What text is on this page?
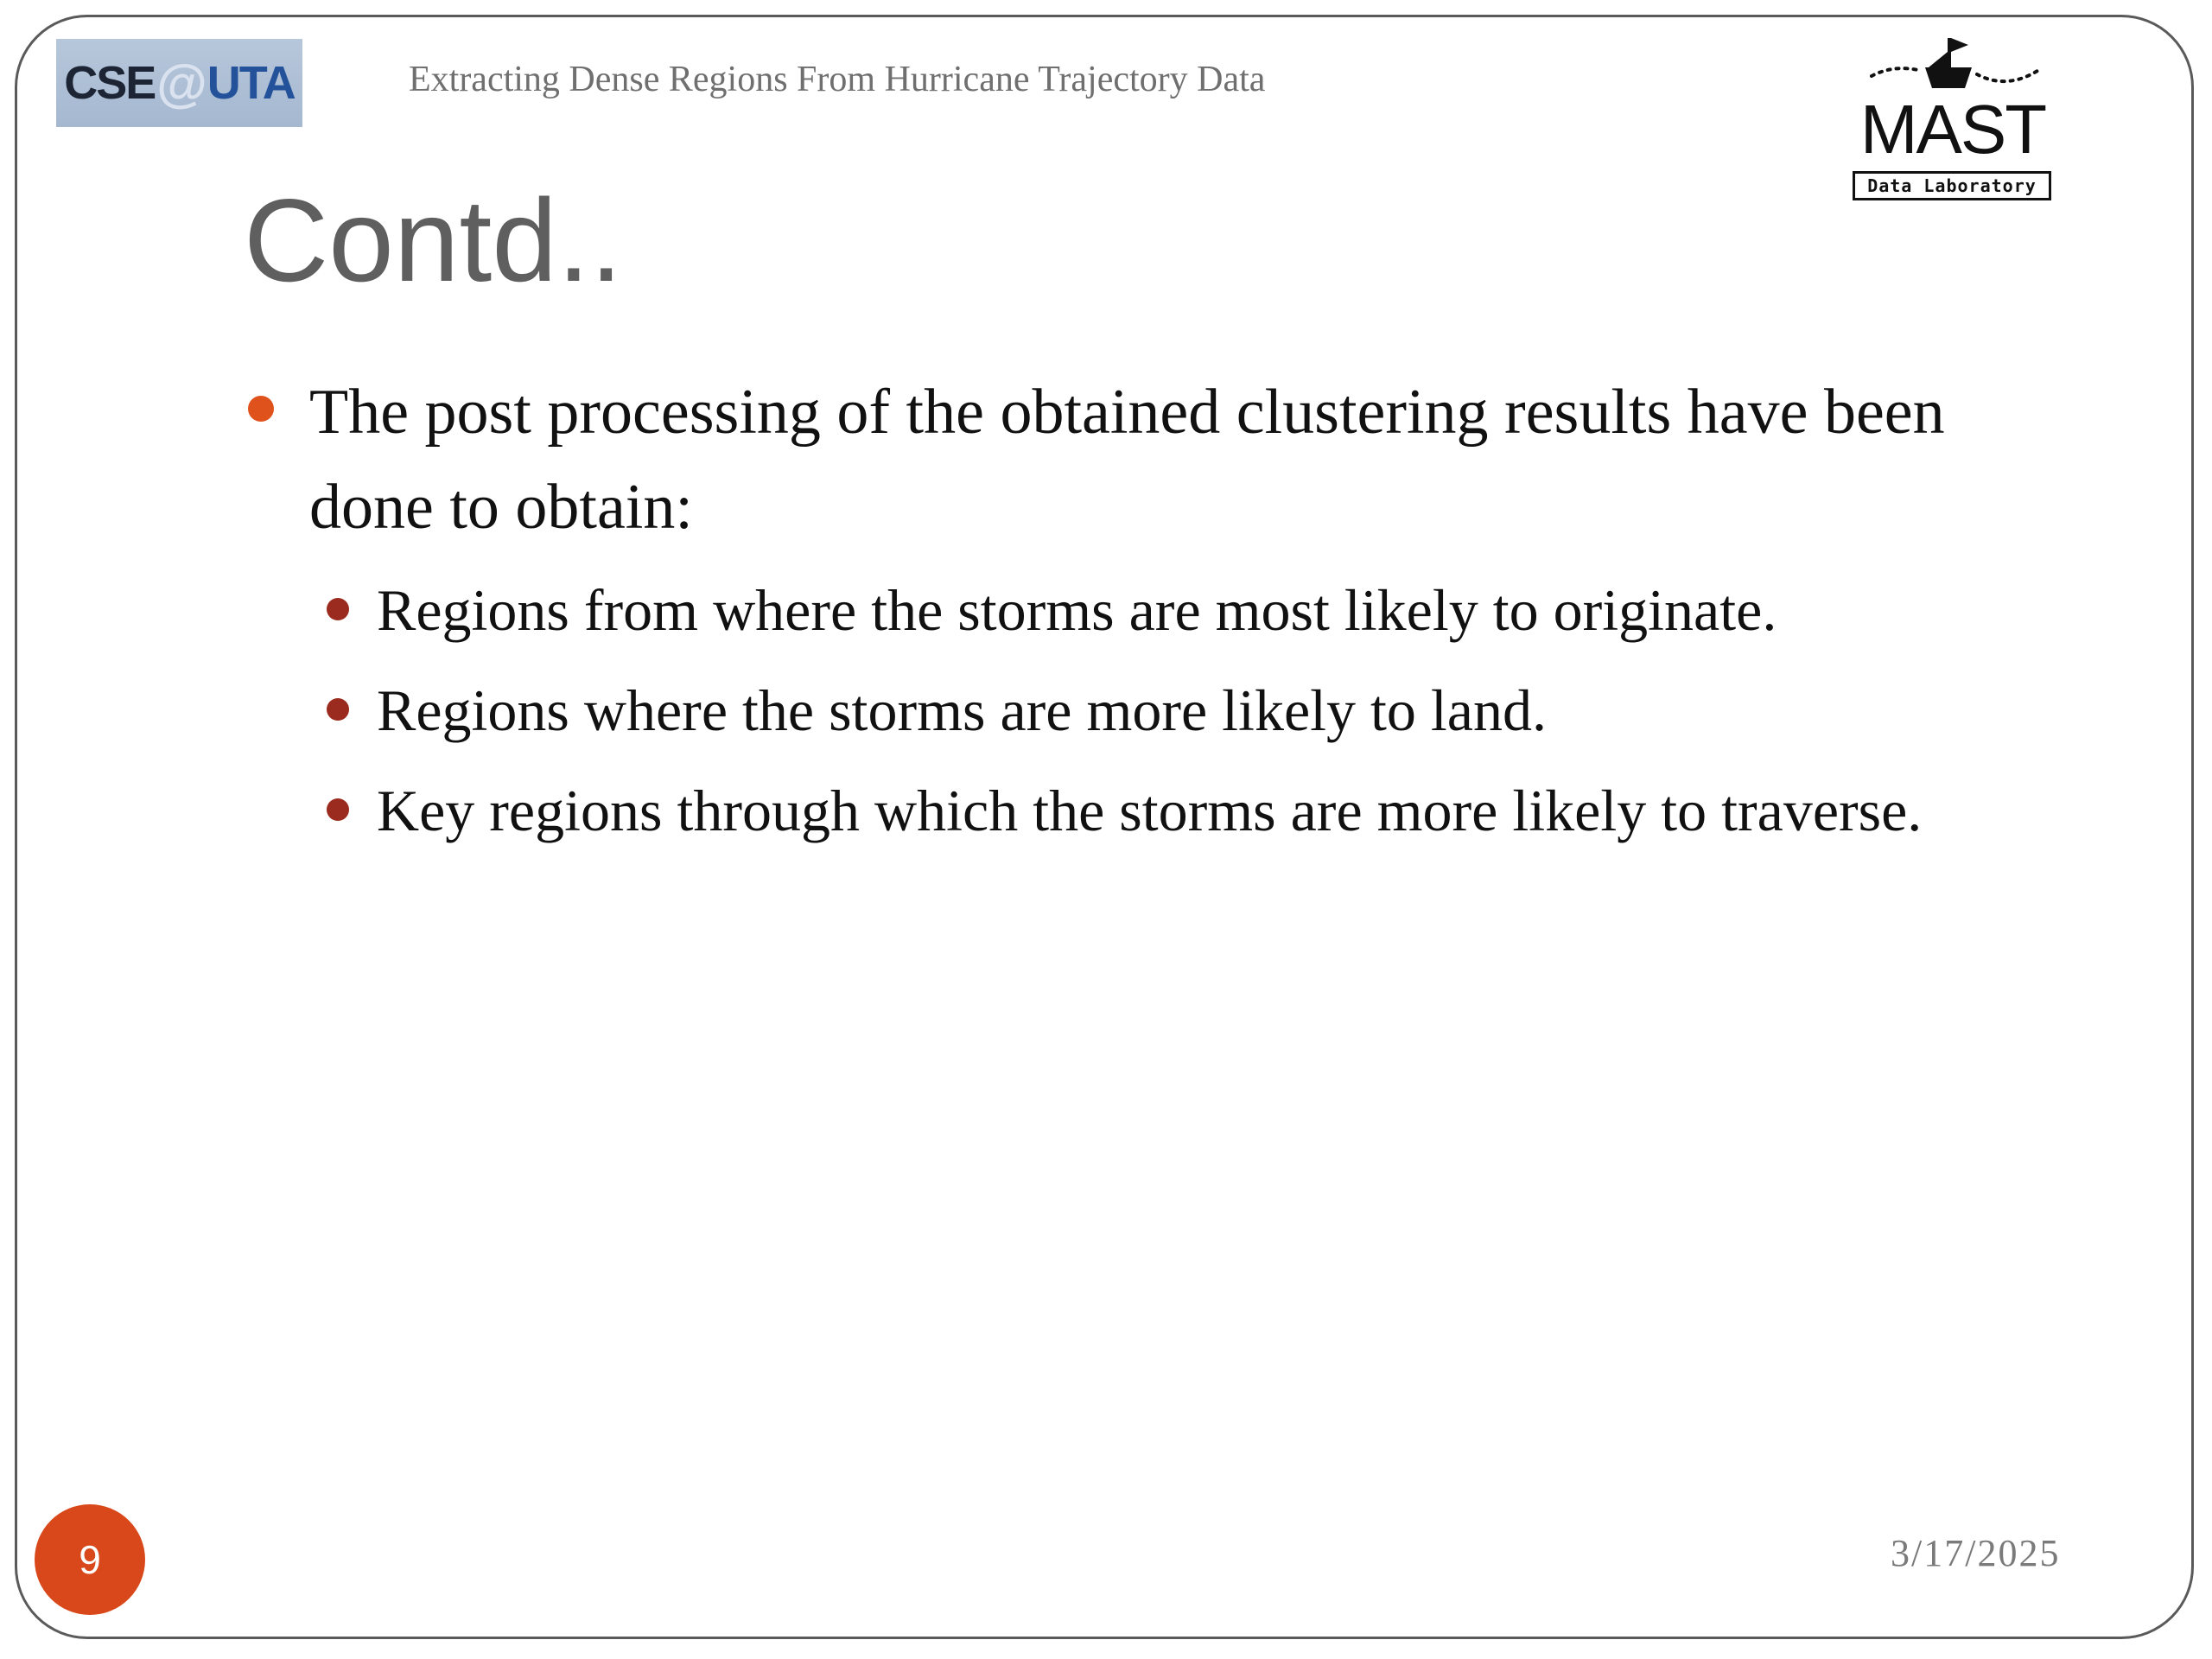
CSE @ UTA	Extracting Dense Regions From Hurricane Trajectory Data
MAST
Data Laboratory
Contd..
The post processing of the obtained clustering results have been done to obtain:
Regions from where the storms are most likely to originate.
Regions where the storms are more likely to land.
Key regions through which the storms are more likely to traverse.
9	3/17/2025
